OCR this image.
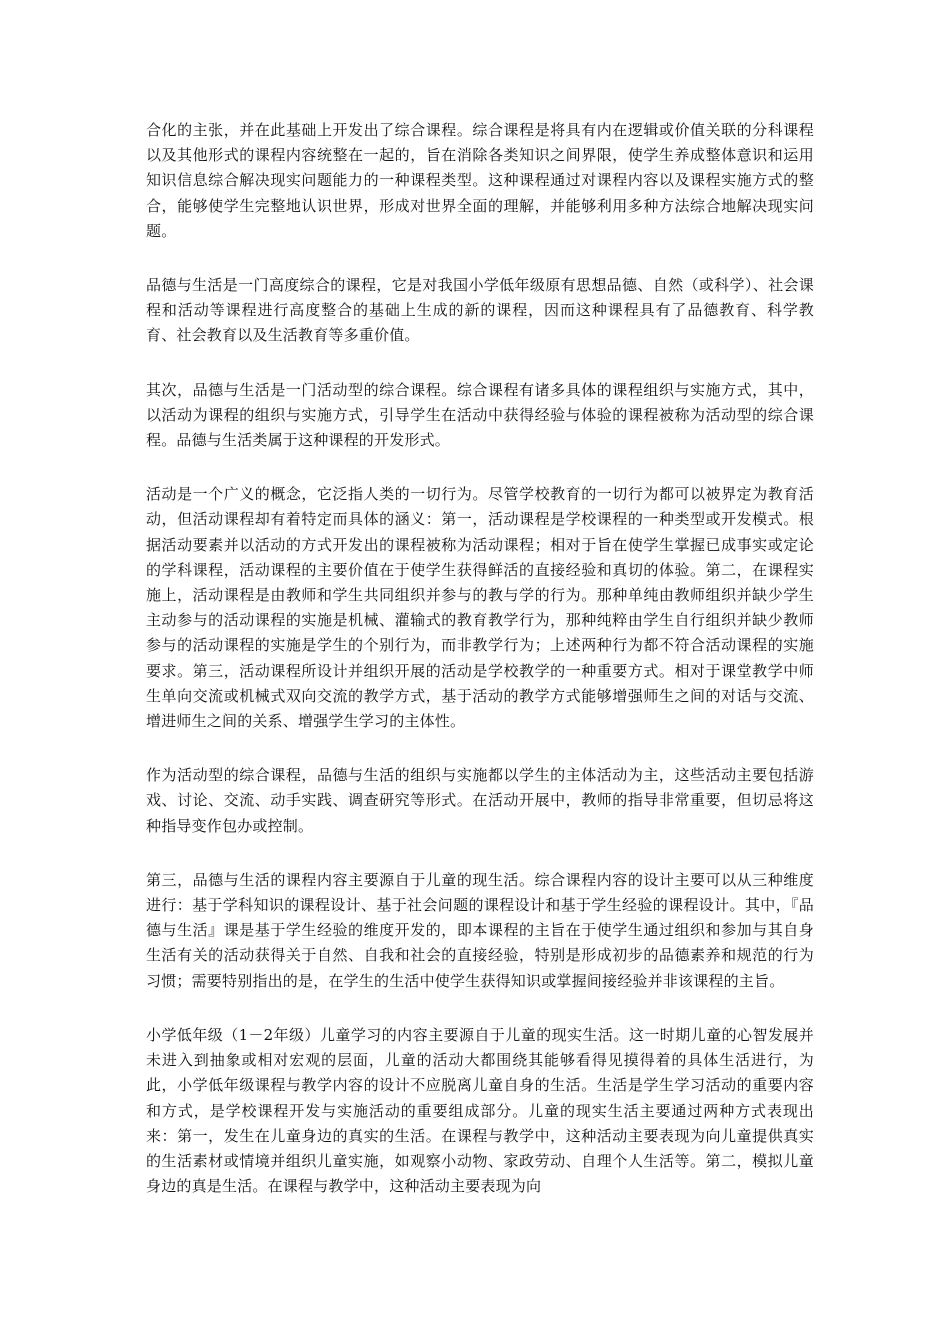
合化的主张，并在此基础上开发出了综合课程。综合课程是将具有内在逻辑或价值关联的分科课程以及其他形式的课程内容统整在一起的，旨在消除各类知识之间界限，使学生养成整体意识和运用知识信息综合解决现实问题能力的一种课程类型。这种课程通过对课程内容以及课程实施方式的整合，能够使学生完整地认识世界，形成对世界全面的理解，并能够利用多种方法综合地解决现实问题。

品德与生活是一门高度综合的课程，它是对我国小学低年级原有思想品德、自然（或科学）、社会课程和活动等课程进行高度整合的基础上生成的新的课程，因而这种课程具有了品德教育、科学教育、社会教育以及生活教育等多重价值。

其次，品德与生活是一门活动型的综合课程。综合课程有诸多具体的课程组织与实施方式，其中，以活动为课程的组织与实施方式，引导学生在活动中获得经验与体验的课程被称为活动型的综合课程。品德与生活类属于这种课程的开发形式。

活动是一个广义的概念，它泛指人类的一切行为。尽管学校教育的一切行为都可以被界定为教育活动，但活动课程却有着特定而具体的涵义：第一，活动课程是学校课程的一种类型或开发模式。根据活动要素并以活动的方式开发出的课程被称为活动课程；相对于旨在使学生掌握已成事实或定论的学科课程，活动课程的主要价值在于使学生获得鲜活的直接经验和真切的体验。第二，在课程实施上，活动课程是由教师和学生共同组织并参与的教与学的行为。那种单纯由教师组织并缺少学生主动参与的活动课程的实施是机械、灌输式的教育教学行为，那种纯粹由学生自行组织并缺少教师参与的活动课程的实施是学生的个别行为，而非教学行为；上述两种行为都不符合活动课程的实施要求。第三，活动课程所设计并组织开展的活动是学校教学的一种重要方式。相对于课堂教学中师生单向交流或机械式双向交流的教学方式，基于活动的教学方式能够增强师生之间的对话与交流、增进师生之间的关系、增强学生学习的主体性。

作为活动型的综合课程，品德与生活的组织与实施都以学生的主体活动为主，这些活动主要包括游戏、讨论、交流、动手实践、调查研究等形式。在活动开展中，教师的指导非常重要，但切忌将这种指导变作包办或控制。

第三，品德与生活的课程内容主要源自于儿童的现生活。综合课程内容的设计主要可以从三种维度进行：基于学科知识的课程设计、基于社会问题的课程设计和基于学生经验的课程设计。其中，『品德与生活』课是基于学生经验的维度开发的，即本课程的主旨在于使学生通过组织和参加与其自身生活有关的活动获得关于自然、自我和社会的直接经验，特别是形成初步的品德素养和规范的行为习惯；需要特别指出的是，在学生的生活中使学生获得知识或掌握间接经验并非该课程的主旨。

小学低年级（1－2年级）儿童学习的内容主要源自于儿童的现实生活。这一时期儿童的心智发展并未进入到抽象或相对宏观的层面，儿童的活动大都围绕其能够看得见摸得着的具体生活进行，为此，小学低年级课程与教学内容的设计不应脱离儿童自身的生活。生活是学生学习活动的重要内容和方式，是学校课程开发与实施活动的重要组成部分。儿童的现实生活主要通过两种方式表现出来：第一，发生在儿童身边的真实的生活。在课程与教学中，这种活动主要表现为向儿童提供真实的生活素材或情境并组织儿童实施，如观察小动物、家政劳动、自理个人生活等。第二，模拟儿童身边的真是生活。在课程与教学中，这种活动主要表现为向
